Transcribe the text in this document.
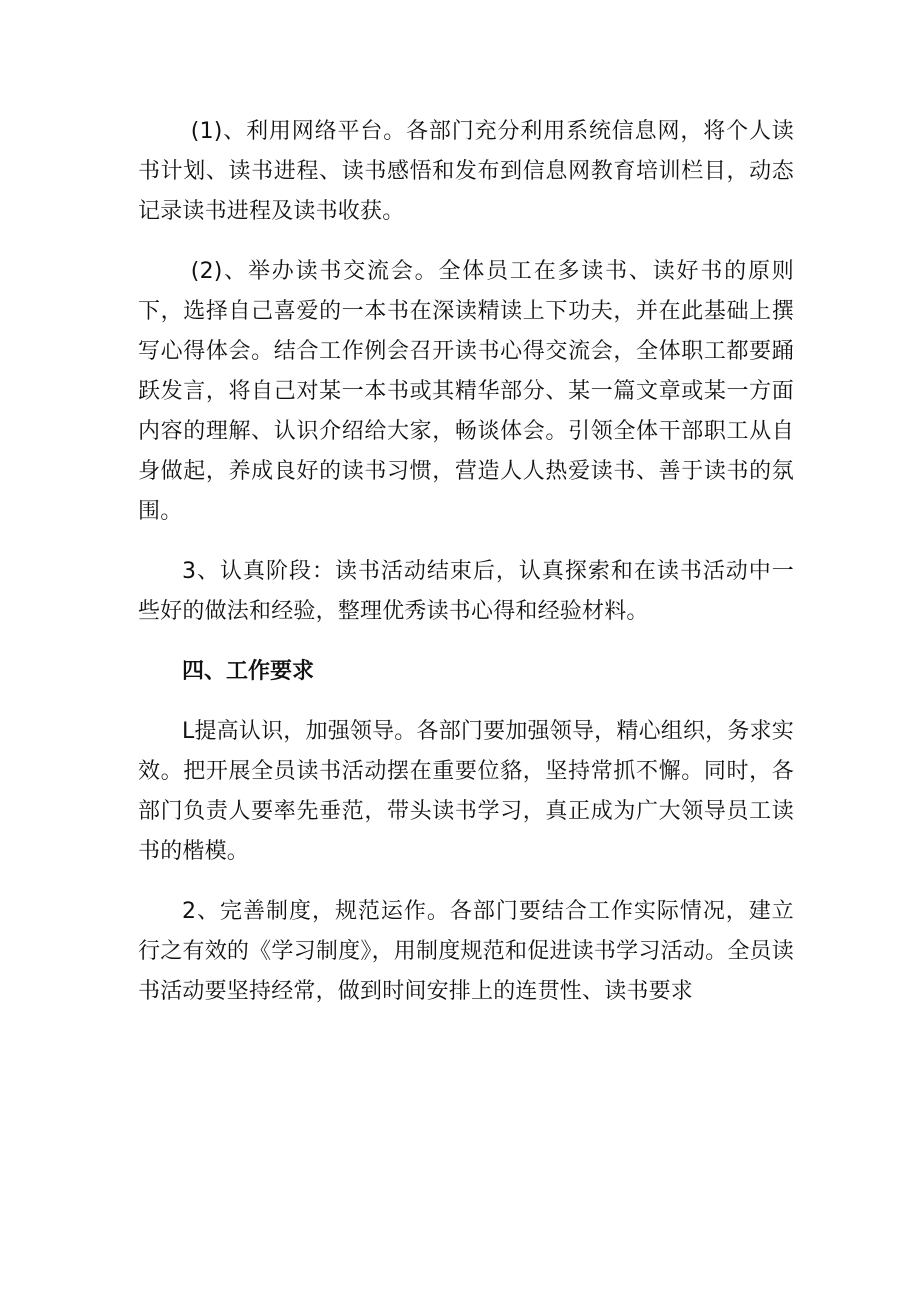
(1)、利用网络平台。各部门充分利用系统信息网，将个人读书计划、读书进程、读书感悟和发布到信息网教育培训栏目，动态记录读书进程及读书收获。

(2)、举办读书交流会。全体员工在多读书、读好书的原则下，选择自己喜爱的一本书在深读精读上下功夫，并在此基础上撰写心得体会。结合工作例会召开读书心得交流会，全体职工都要踊跃发言，将自己对某一本书或其精华部分、某一篇文章或某一方面内容的理解、认识介绍给大家，畅谈体会。引领全体干部职工从自身做起，养成良好的读书习惯，营造人人热爱读书、善于读书的氛围。

3、认真阶段：读书活动结束后，认真探索和在读书活动中一些好的做法和经验，整理优秀读书心得和经验材料。

四、工作要求

L提高认识，加强领导。各部门要加强领导，精心组织，务求实效。把开展全员读书活动摆在重要位貉，坚持常抓不懈。同时，各部门负责人要率先垂范，带头读书学习，真正成为广大领导员工读书的楷模。

2、完善制度，规范运作。各部门要结合工作实际情况，建立行之有效的《学习制度》，用制度规范和促进读书学习活动。全员读书活动要坚持经常，做到时间安排上的连贯性、读书要求
